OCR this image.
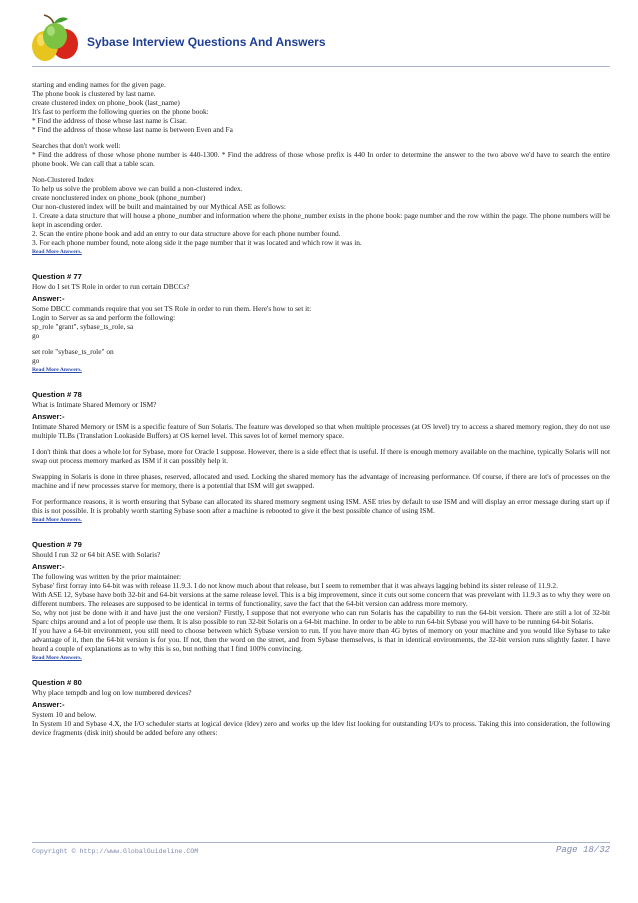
Sybase Interview Questions And Answers

starting and ending names for the given page.

The phone book is clustered by last name.

create clustered index on phone_book (last_name)

It's fast to perform the following queries on the phone book:

* Find the address of those whose last name is Cisar.

* Find the address of those whose last name is between Even and Fa

Searches that don't work well:

* Find the address of those whose phone number is 440-1300. * Find the address of those whose prefix is 440 In order to determine the answer to the two above we'd have to search the entire phone book. We can call that a table scan.

Non-Clustered Index

To help us solve the problem above we can build a non-clustered index.

create nonclustered index on phone_book (phone_number)

Our non-clustered index will be built and maintained by our Mythical ASE as follows:

1. Create a data structure that will house a phone_number and information where the phone_number exists in the phone book: page number and the row within the page. The phone numbers will be kept in ascending order.

2. Scan the entire phone book and add an entry to our data structure above for each phone number found.

3. For each phone number found, note along side it the page number that it was located and which row it was in.

Read More Answers.
Question # 77

How do I set TS Role in order to run certain DBCCs?

Answer:-

Some DBCC commands require that you set TS Role in order to run them. Here's how to set it:

Login to Server as sa and perform the following:

sp_role "grant", sybase_ts_role, sa

go

set role "sybase_ts_role" on

go

Read More Answers.
Question # 78

What is Intimate Shared Memory or ISM?

Answer:-

Intimate Shared Memory or ISM is a specific feature of Sun Solaris. The feature was developed so that when multiple processes (at OS level) try to access a shared memory region, they do not use multiple TLBs (Translation Lookaside Buffers) at OS kernel level. This saves lot of kernel memory space.

I don't think that does a whole lot for Sybase, more for Oracle I suppose. However, there is a side effect that is useful. If there is enough memory available on the machine, typically Solaris will not swap out process memory marked as ISM if it can possibly help it.

Swapping in Solaris is done in three phases, reserved, allocated and used. Locking the shared memory has the advantage of increasing performance. Of course, if there are lot's of processes on the machine and if new processes starve for memory, there is a potential that ISM will get swapped.

For performance reasons, it is worth ensuring that Sybase can allocated its shared memory segment using ISM. ASE tries by default to use ISM and will display an error message during start up if this is not possible. It is probably worth starting Sybase soon after a machine is rebooted to give it the best possible chance of using ISM.

Read More Answers.
Question # 79

Should I run 32 or 64 bit ASE with Solaris?

Answer:-

The following was written by the prior maintainer:

Sybase' first forray into 64-bit was with release 11.9.3. I do not know much about that release, but I seem to remember that it was always lagging behind its sister release of 11.9.2.

With ASE 12, Sybase have both 32-bit and 64-bit versions at the same release level. This is a big improvement, since it cuts out some concern that was prevelant with 11.9.3 as to why they were on different numbers. The releases are supposed to be identical in terms of functionality, save the fact that the 64-bit version can address more memory.

So, why not just be done with it and have just the one version? Firstly, I suppose that not everyone who can run Solaris has the capability to run the 64-bit version. There are still a lot of 32-bit Sparc chips around and a lot of people use them. It is also possible to run 32-bit Solaris on a 64-bit machine. In order to be able to run 64-bit Sybase you will have to be running 64-bit Solaris.

If you have a 64-bit environment, you still need to choose between which Sybase version to run. If you have more than 4G bytes of memory on your machine and you would like Sybase to take advantage of it, then the 64-bit version is for you. If not, then the word on the street, and from Sybase themselves, is that in identical environments, the 32-bit version runs slightly faster. I have heard a couple of explanations as to why this is so, but nothing that I find 100% convincing.

Read More Answers.
Question # 80

Why place tempdb and log on low numbered devices?

Answer:-

System 10 and below.

In System 10 and Sybase 4.X, the I/O scheduler starts at logical device (ldev) zero and works up the ldev list looking for outstanding I/O's to process. Taking this into consideration, the following device fragments (disk init) should be added before any others:

Copyright © http://www.GlobalGuideline.COM	Page 18/32
